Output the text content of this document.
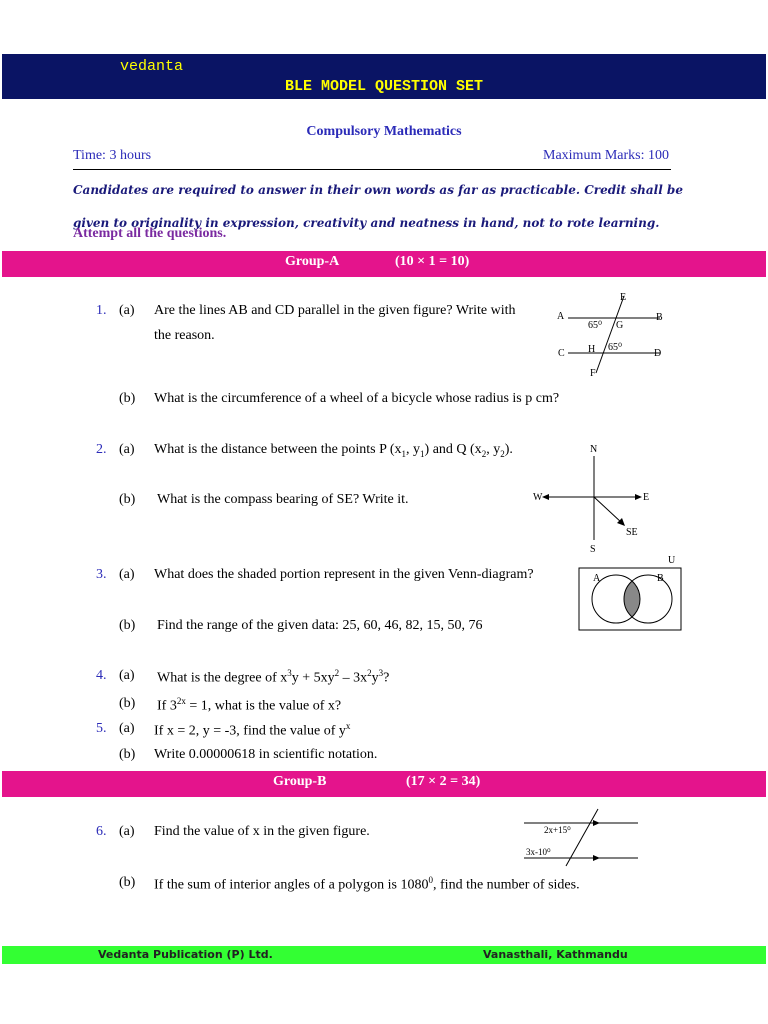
vedanta
BLE MODEL QUESTION SET
Compulsory Mathematics
Time: 3 hours	Maximum Marks: 100
Candidates are required to answer in their own words as far as practicable. Credit shall be given to originality in expression, creativity and neatness in hand, not to rote learning.
Attempt all the questions.
Group-A	(10 × 1 = 10)
1. (a) Are the lines AB and CD parallel in the given figure? Write with the reason.
E
A
65⁰ G
B
H 65⁰
C	D
F
(b) What is the circumference of a wheel of a bicycle whose radius is p cm?
2. (a) What is the distance between the points P ($x_1$, $y_1$) and Q ($x_2$, $y_2$).	N
W	E
SE
S
(b) What is the compass bearing of SE? Write it.
3. (a) What does the shaded portion represent in the given Venn-diagram?
U
A	B
(b) Find the range of the given data: 25, 60, 46, 82, 15, 50, 76
4. (a) What is the degree of $x^3y + 5xy^2 - 3x^2y^3$?
(b) If $3^{2x} = 1$, what is the value of x?
5. (a) If x = 2, y = -3, find the value of $y^x$
(b) Write 0.00000618 in scientific notation.
Group-B	(17 × 2 = 34)
6. (a) Find the value of x in the given figure.	2x+15⁰
3x-10⁰
(b) If the sum of interior angles of a polygon is 1080$^0$, find the number of sides.
Vedanta Publication (P) Ltd.	Vanasthali, Kathmandu
